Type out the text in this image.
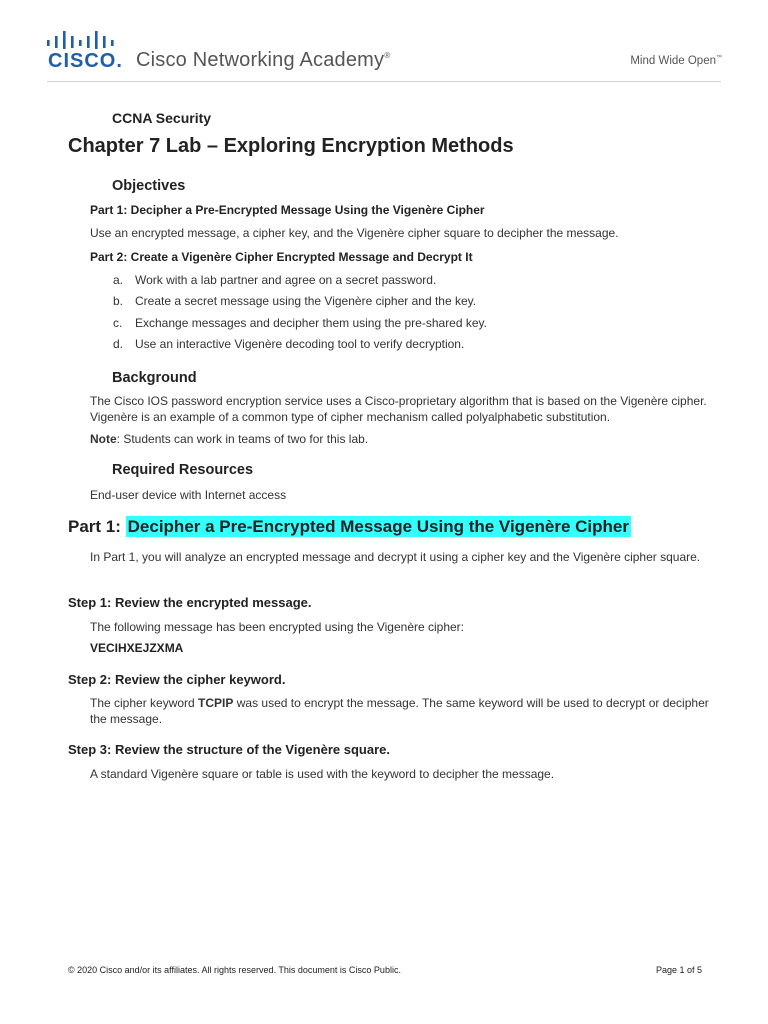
CISCO. Cisco Networking Academy®	Mind Wide Open™
CCNA Security
Chapter 7 Lab – Exploring Encryption Methods
Objectives
Part 1: Decipher a Pre-Encrypted Message Using the Vigenère Cipher
Use an encrypted message, a cipher key, and the Vigenère cipher square to decipher the message.
Part 2: Create a Vigenère Cipher Encrypted Message and Decrypt It
a. Work with a lab partner and agree on a secret password.
b. Create a secret message using the Vigenère cipher and the key.
c. Exchange messages and decipher them using the pre-shared key.
d. Use an interactive Vigenère decoding tool to verify decryption.
Background
The Cisco IOS password encryption service uses a Cisco-proprietary algorithm that is based on the Vigenère cipher. Vigenère is an example of a common type of cipher mechanism called polyalphabetic substitution.
Note: Students can work in teams of two for this lab.
Required Resources
End-user device with Internet access
Part 1: Decipher a Pre-Encrypted Message Using the Vigenère Cipher
In Part 1, you will analyze an encrypted message and decrypt it using a cipher key and the Vigenère cipher square.
Step 1: Review the encrypted message.
The following message has been encrypted using the Vigenère cipher:
VECIHXEJZXMA
Step 2: Review the cipher keyword.
The cipher keyword TCPIP was used to encrypt the message. The same keyword will be used to decrypt or decipher the message.
Step 3: Review the structure of the Vigenère square.
A standard Vigenère square or table is used with the keyword to decipher the message.
© 2020 Cisco and/or its affiliates. All rights reserved. This document is Cisco Public.	Page 1 of 5
